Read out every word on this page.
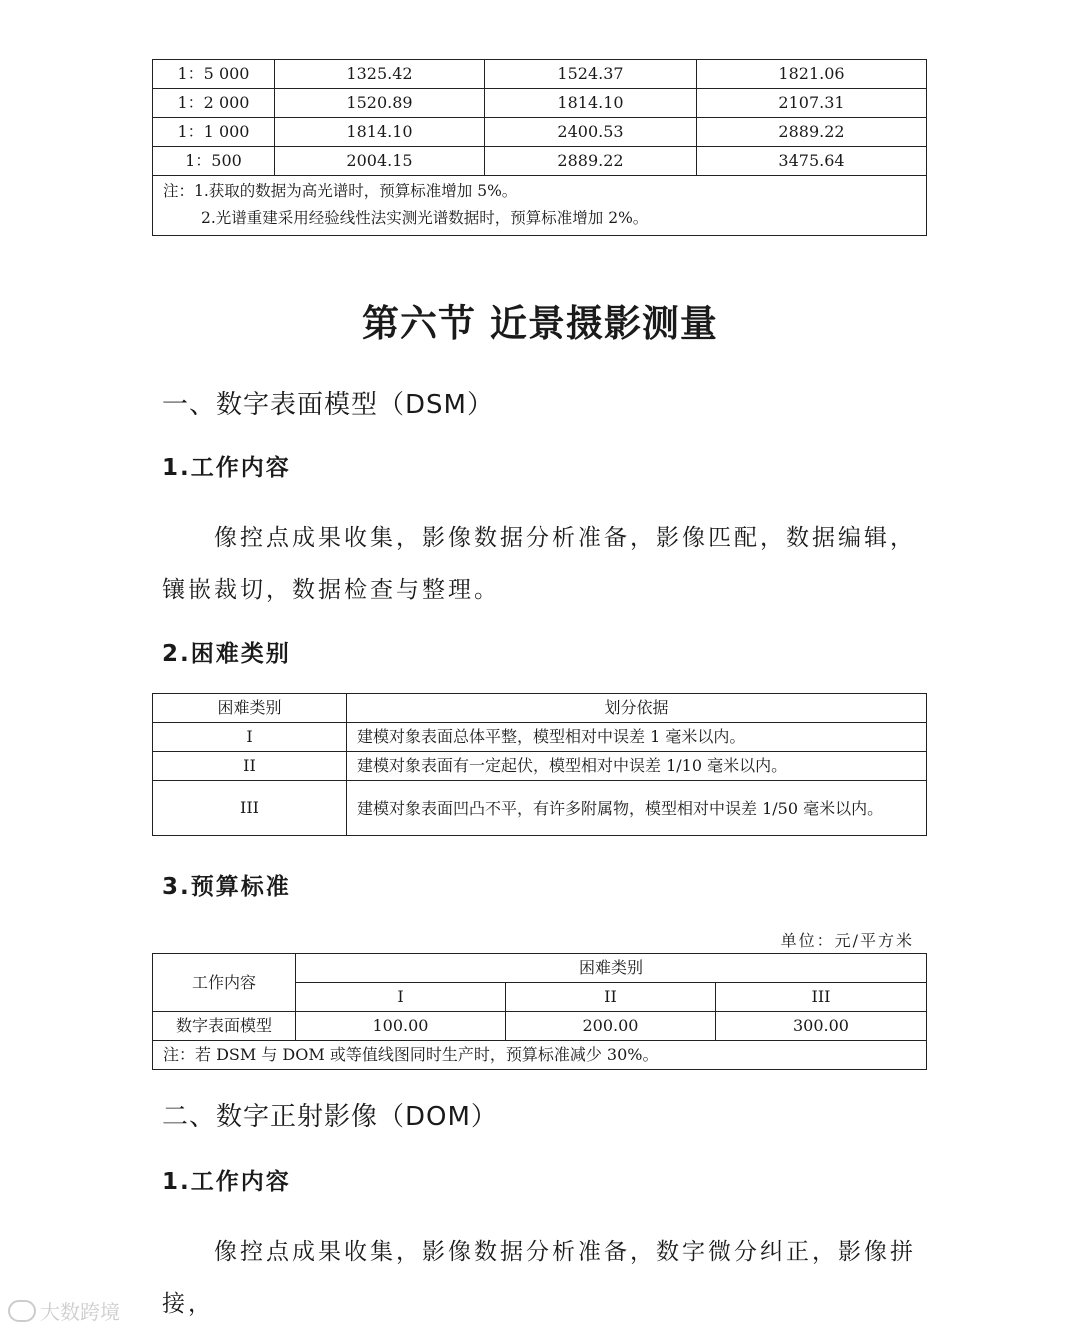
1：5 000	1325.42	1524.37	1821.06
1：2 000	1520.89	1814.10	2107.31
1：1 000	1814.10	2400.53	2889.22
1：500	2004.15	2889.22	3475.64

注：1.获取的数据为高光谱时，预算标准增加 5%。
2.光谱重建采用经验线性法实测光谱数据时，预算标准增加 2%。			
第六节 近景摄影测量
一、数字表面模型（DSM）
1.工作内容
像控点成果收集，影像数据分析准备，影像匹配，数据编辑，镶嵌裁切，数据检查与整理。
2.困难类别
困难类别	划分依据
I	建模对象表面总体平整，模型相对中误差 1 毫米以内。
II	建模对象表面有一定起伏，模型相对中误差 1/10 毫米以内。
III	建模对象表面凹凸不平，有许多附属物，模型相对中误差 1/50 毫米以内。
3.预算标准
单位：元/平方米
工作内容	困难类别		
	I	II	III
数字表面模型	100.00	200.00	300.00
注：若 DSM 与 DOM 或等值线图同时生产时，预算标准减少 30%。			
二、数字正射影像（DOM）
1.工作内容
像控点成果收集，影像数据分析准备，数字微分纠正，影像拼接，
大数跨境
